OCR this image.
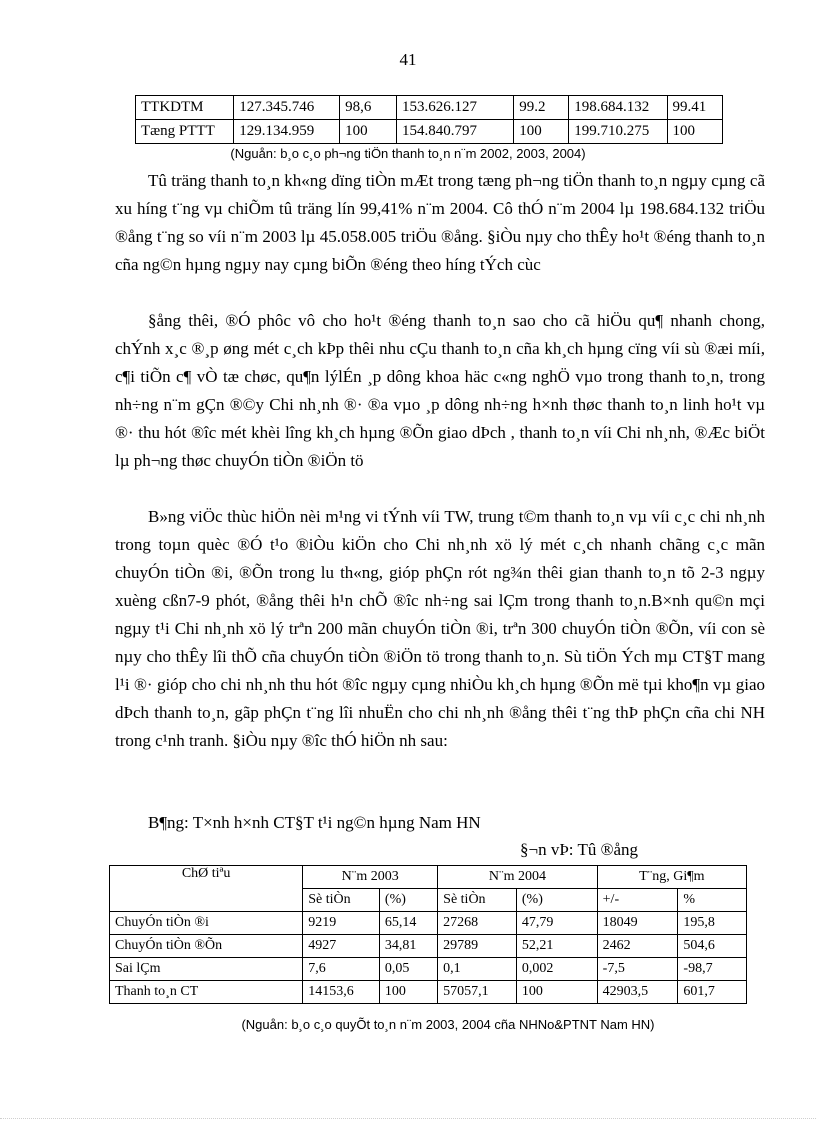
41
TTKDTM	127.345.746	98,6	153.626.127	99.2	198.684.132	99.41
Tæng PTTT	129.134.959	100	154.840.797	100	199.710.275	100
(Nguån: b¸o c¸o ph¬ng tiÖn thanh to¸n n¨m 2002, 2003, 2004)

Tû träng thanh to¸n kh«ng dïng tiÒn mÆt trong tæng ph¬ng tiÖn thanh to¸n ngµy cµng cã xu híng t¨ng vµ chiÕm tû träng lín 99,41% n¨m 2004. Cô thÓ n¨m 2004 lµ 198.684.132 triÖu ®ång t¨ng so víi n¨m 2003 lµ 45.058.005 triÖu ®ång. §iÒu nµy cho thÊy ho¹t ®éng thanh to¸n cña ng©n hµng ngµy nay cµng biÕn ®éng theo híng tÝch cùc

§ång thêi, ®Ó phôc vô cho ho¹t ®éng thanh to¸n sao cho cã hiÖu qu¶ nhanh chong, chÝnh x¸c ®¸p øng mét c¸ch kÞp thêi nhu cÇu thanh to¸n cña kh¸ch hµng cïng víi sù ®æi míi, c¶i tiÕn c¶ vÒ tæ chøc, qu¶n lýlÉn ¸p dông khoa häc c«ng nghÖ vµo trong thanh to¸n, trong nh÷ng n¨m gÇn ®©y Chi nh¸nh ®· ®a vµo ¸p dông nh÷ng h×nh thøc thanh to¸n linh ho¹t vµ ®· thu hót ®îc mét khèi lîng kh¸ch hµng ®Õn giao dÞch , thanh to¸n víi Chi nh¸nh, ®Æc biÖt lµ ph¬ng thøc chuyÓn tiÒn ®iÖn tö

B»ng viÖc thùc hiÖn nèi m¹ng vi tÝnh víi TW, trung t©m thanh to¸n vµ víi c¸c chi nh¸nh trong toµn quèc ®Ó t¹o ®iÒu kiÖn cho Chi nh¸nh xö lý mét c¸ch nhanh chãng c¸c mãn chuyÓn tiÒn ®i, ®Õn trong lu th«ng, gióp phÇn rót ng¾n thêi gian thanh to¸n tõ 2-3 ngµy xuèng cßn7-9 phót, ®ång thêi h¹n chÕ ®îc nh÷ng sai lÇm trong thanh to¸n.B×nh qu©n mçi ngµy t¹i Chi nh¸nh xö lý trªn 200 mãn chuyÓn tiÒn ®i, trªn 300 chuyÓn tiÒn ®Õn, víi con sè nµy cho thÊy lîi thÕ cña chuyÓn tiÒn ®iÖn tö trong thanh to¸n. Sù tiÖn Ých mµ CT§T mang l¹i ®· gióp cho chi nh¸nh thu hót ®îc ngµy cµng nhiÒu kh¸ch hµng ®Õn më tµi kho¶n vµ giao dÞch thanh to¸n, gãp phÇn t¨ng lîi nhuËn cho chi nh¸nh ®ång thêi t¨ng thÞ phÇn cña chi NH trong c¹nh tranh. §iÒu nµy ®îc thÓ hiÖn nh sau:

B¶ng: T×nh h×nh CT§T t¹i ng©n hµng Nam HN
§¬n vÞ: Tû ®ång
ChØ tiªu	N¨m 2003		N¨m 2004		T¨ng, Gi¶m	
	Sè tiÒn	(%)	Sè tiÒn	(%)	+/-	%
ChuyÓn tiÒn ®i	9219	65,14	27268	47,79	18049	195,8
ChuyÓn tiÒn ®Õn	4927	34,81	29789	52,21	2462	504,6
Sai lÇm	7,6	0,05	0,1	0,002	-7,5	-98,7
Thanh to¸n CT	14153,6	100	57057,1	100	42903,5	601,7
(Nguån: b¸o c¸o quyÕt to¸n n¨m 2003, 2004 cña NHNo&PTNT Nam HN)
